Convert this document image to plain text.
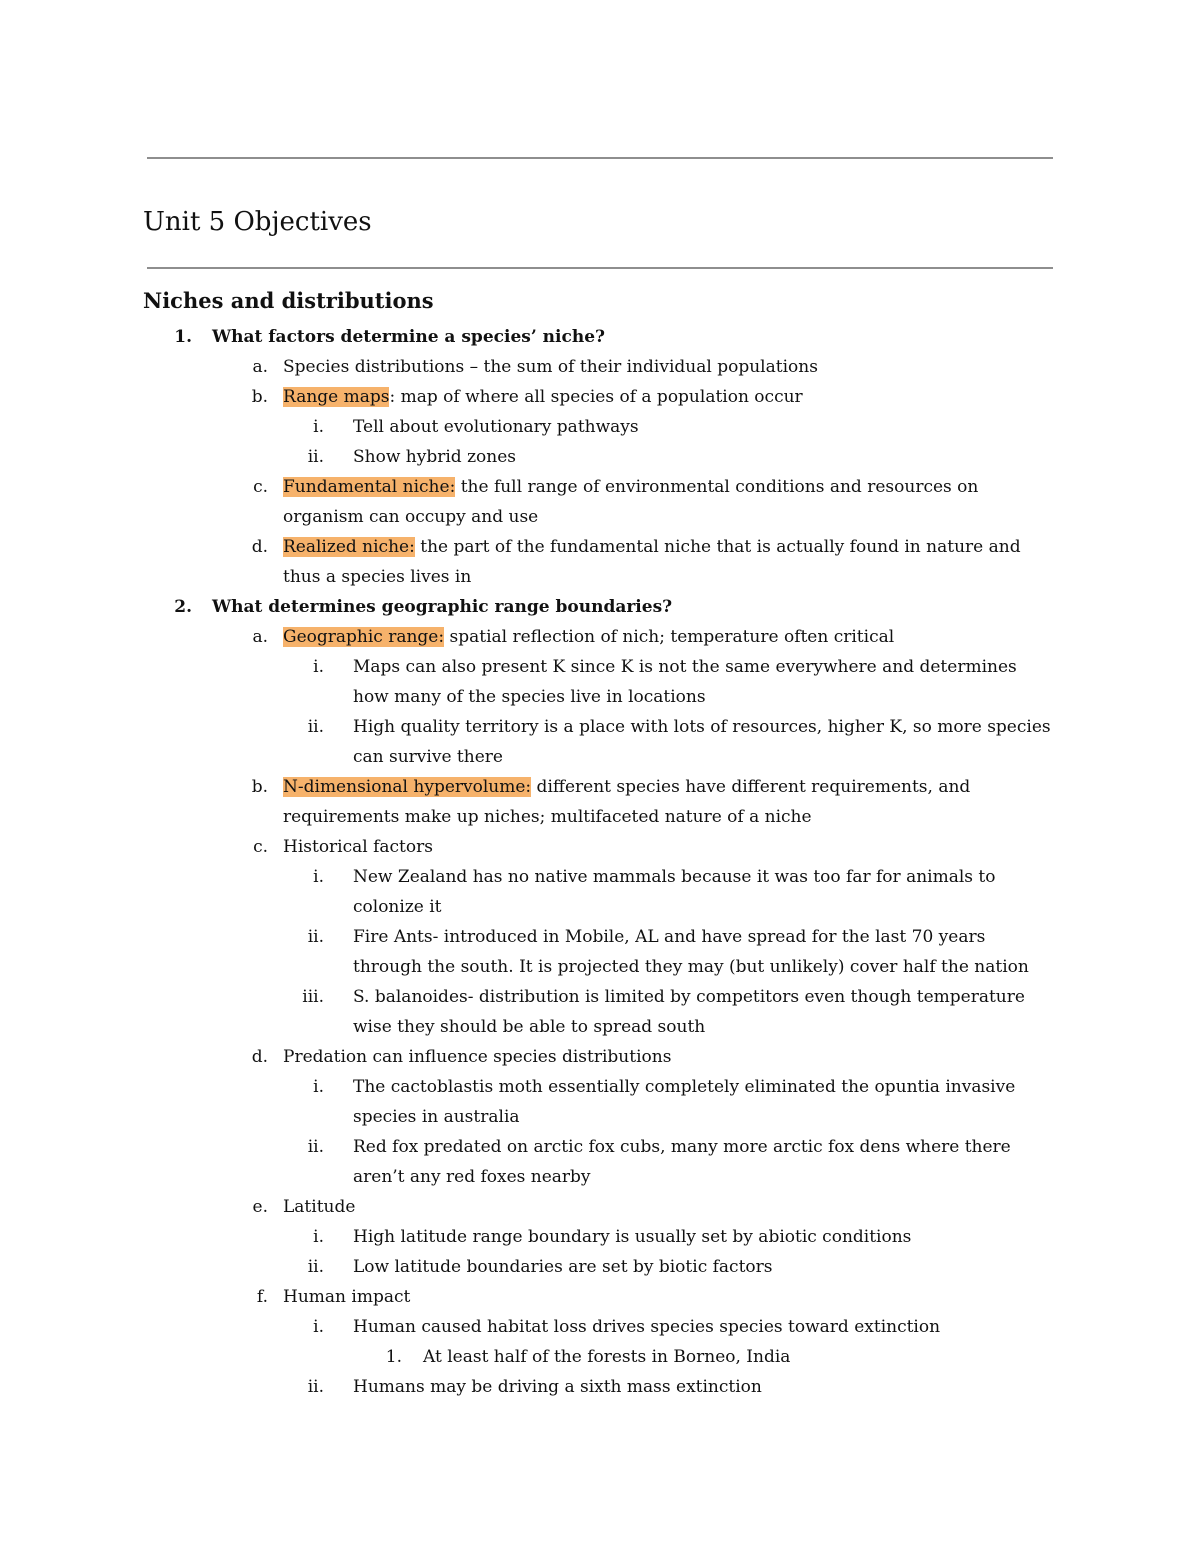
Unit 5 Objectives
Niches and distributions
1. What factors determine a species’ niche?
a. Species distributions – the sum of their individual populations
b. Range maps: map of where all species of a population occur
i. Tell about evolutionary pathways
ii. Show hybrid zones
c. Fundamental niche: the full range of environmental conditions and resources on organism can occupy and use
d. Realized niche: the part of the fundamental niche that is actually found in nature and thus a species lives in
2. What determines geographic range boundaries?
a. Geographic range: spatial reflection of nich; temperature often critical
i. Maps can also present K since K is not the same everywhere and determines how many of the species live in locations
ii. High quality territory is a place with lots of resources, higher K, so more species can survive there
b. N-dimensional hypervolume: different species have different requirements, and requirements make up niches; multifaceted nature of a niche
c. Historical factors
i. New Zealand has no native mammals because it was too far for animals to colonize it
ii. Fire Ants- introduced in Mobile, AL and have spread for the last 70 years through the south. It is projected they may (but unlikely) cover half the nation
iii. S. balanoides- distribution is limited by competitors even though temperature wise they should be able to spread south
d. Predation can influence species distributions
i. The cactoblastis moth essentially completely eliminated the opuntia invasive species in australia
ii. Red fox predated on arctic fox cubs, many more arctic fox dens where there aren’t any red foxes nearby
e. Latitude
i. High latitude range boundary is usually set by abiotic conditions
ii. Low latitude boundaries are set by biotic factors
f. Human impact
i. Human caused habitat loss drives species species toward extinction
1. At least half of the forests in Borneo, India
ii. Humans may be driving a sixth mass extinction
